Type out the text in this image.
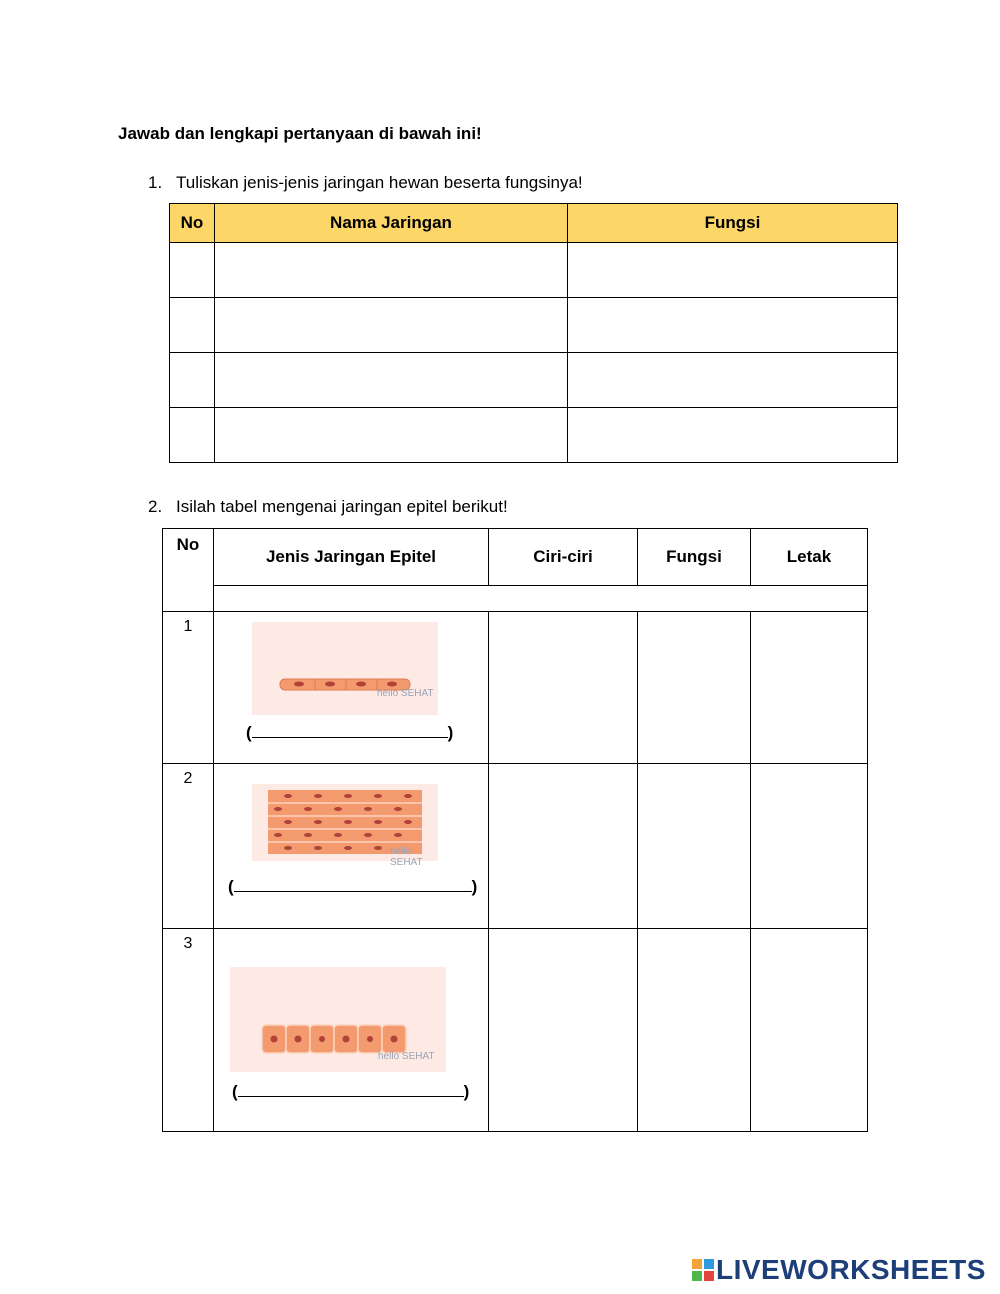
Jawab dan lengkapi pertanyaan di bawah ini!
1. Tuliskan jenis-jenis jaringan hewan beserta fungsinya!
No	Nama Jaringan	Fungsi

2. Isilah tabel mengenai jaringan epitel berikut!
No	Jenis Jaringan Epitel	Ciri-ciri	Fungsi	Letak

1	hello SEHAT
( )			

2	hello SEHAT
( )			

3	hello SEHAT
( )			

LIVEWORKSHEETS
